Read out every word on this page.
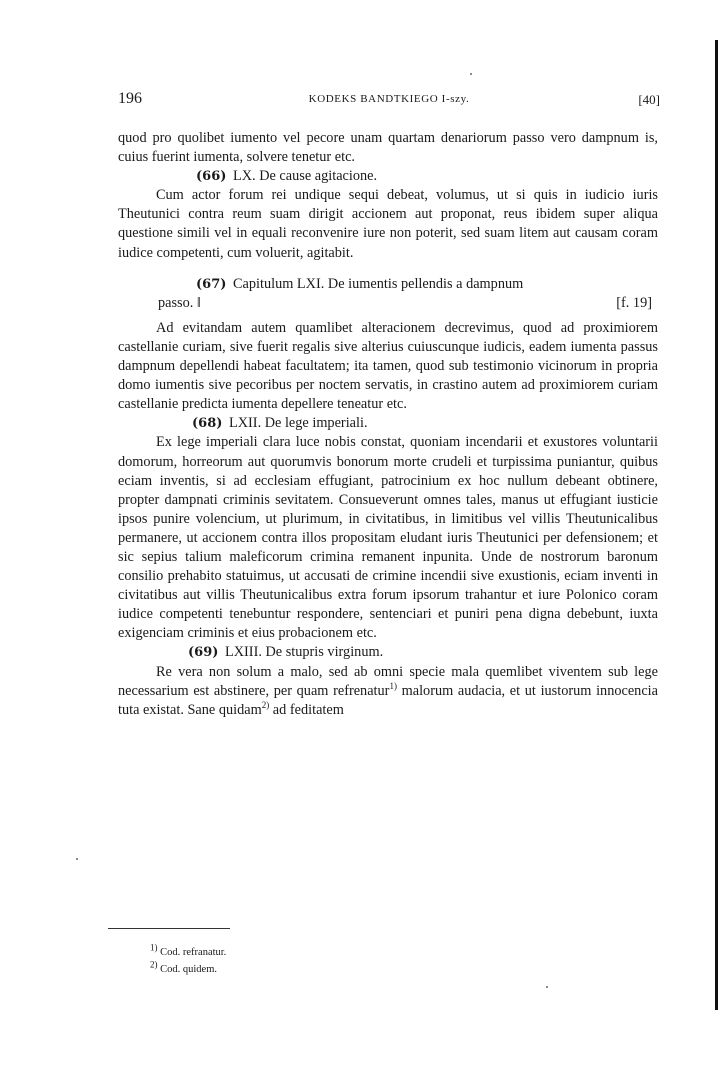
196	KODEKS BANDTKIEGO I-szy.	[40]

quod pro quolibet iumento vel pecore unam quartam denariorum passo vero dampnum is, cuius fuerint iumenta, solvere tenetur etc.

(66) LX. De cause agitacione.

Cum actor forum rei undique sequi debeat, volumus, ut si quis in iudicio iuris Theutunici contra reum suam dirigit accionem aut proponat, reus ibidem super aliqua questione simili vel in equali reconvenire iure non poterit, sed suam litem aut causam coram iudice competenti, cum voluerit, agitabit.

(67) Capitulum LXI. De iumentis pellendis a dampnum
passo. ‖	[f. 19]

Ad evitandam autem quamlibet alteracionem decrevimus, quod ad proximiorem castellanie curiam, sive fuerit regalis sive alterius cuiuscunque iudicis, eadem iumenta passus dampnum depellendi habeat facultatem; ita tamen, quod sub testimonio vicinorum in propria domo iumentis sive pecoribus per noctem servatis, in crastino autem ad proximiorem curiam castellanie predicta iumenta depellere teneatur etc.

(68) LXII. De lege imperiali.

Ex lege imperiali clara luce nobis constat, quoniam incendarii et exustores voluntarii domorum, horreorum aut quorumvis bonorum morte crudeli et turpissima puniantur, quibus eciam inventis, si ad ecclesiam effugiant, patrocinium ex hoc nullum debeant obtinere, propter dampnati criminis sevitatem. Consueverunt omnes tales, manus ut effugiant iusticie ipsos punire volencium, ut plurimum, in civitatibus, in limitibus vel villis Theutunicalibus permanere, ut accionem contra illos propositam eludant iuris Theutunici per defensionem; et sic sepius talium maleficorum crimina remanent inpunita. Unde de nostrorum baronum consilio prehabito statuimus, ut accusati de crimine incendii sive exustionis, eciam inventi in civitatibus aut villis Theutunicalibus extra forum ipsorum trahantur et iure Polonico coram iudice competenti tenebuntur respondere, sentenciari et puniri pena digna debebunt, iuxta exigenciam criminis et eius probacionem etc.

(69) LXIII. De stupris virginum.

Re vera non solum a malo, sed ab omni specie mala quemlibet viventem sub lege necessarium est abstinere, per quam refrenatur$^{1)}$ malorum audacia, et ut iustorum innocencia tuta existat. Sane quidam$^{2)}$ ad feditatem

$^{1)}$ Cod. refranatur.
$^{2)}$ Cod. quidem.
